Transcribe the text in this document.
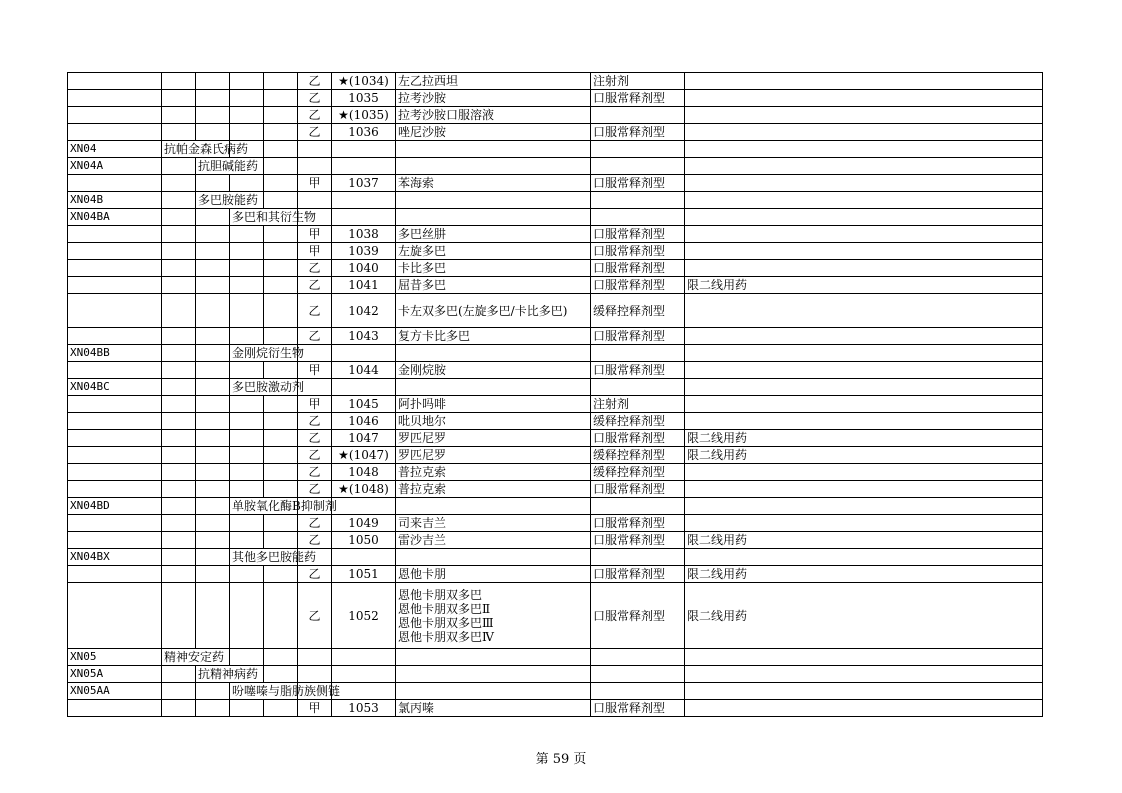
					乙	★(1034)	左乙拉西坦	注射剂	
					乙	1035	拉考沙胺	口服常释剂型	
					乙	★(1035)	拉考沙胺口服溶液		
					乙	1036	唑尼沙胺	口服常释剂型	
XN04	抗帕金森氏病药								
XN04A		抗胆碱能药							
					甲	1037	苯海索	口服常释剂型	
XN04B		多巴胺能药							
XN04BA			多巴和其衍生物						
					甲	1038	多巴丝肼	口服常释剂型	
					甲	1039	左旋多巴	口服常释剂型	
					乙	1040	卡比多巴	口服常释剂型	
					乙	1041	屈昔多巴	口服常释剂型	限二线用药
					乙	1042	卡左双多巴(左旋多巴/卡比多巴)	缓释控释剂型	
					乙	1043	复方卡比多巴	口服常释剂型	
XN04BB			金刚烷衍生物						
					甲	1044	金刚烷胺	口服常释剂型	
XN04BC			多巴胺激动剂						
					甲	1045	阿扑吗啡	注射剂	
					乙	1046	吡贝地尔	缓释控释剂型	
					乙	1047	罗匹尼罗	口服常释剂型	限二线用药
					乙	★(1047)	罗匹尼罗	缓释控释剂型	限二线用药
					乙	1048	普拉克索	缓释控释剂型	
					乙	★(1048)	普拉克索	口服常释剂型	
XN04BD			单胺氧化酶B抑制剂						
					乙	1049	司来吉兰	口服常释剂型	
					乙	1050	雷沙吉兰	口服常释剂型	限二线用药
XN04BX			其他多巴胺能药						
					乙	1051	恩他卡朋	口服常释剂型	限二线用药
					乙	1052	恩他卡朋双多巴
恩他卡朋双多巴Ⅱ
恩他卡朋双多巴Ⅲ
恩他卡朋双多巴Ⅳ	口服常释剂型	限二线用药
XN05	精神安定药								
XN05A		抗精神病药							
XN05AA			吩噻嗪与脂肪族侧链						
					甲	1053	氯丙嗪	口服常释剂型	
第 59 页
